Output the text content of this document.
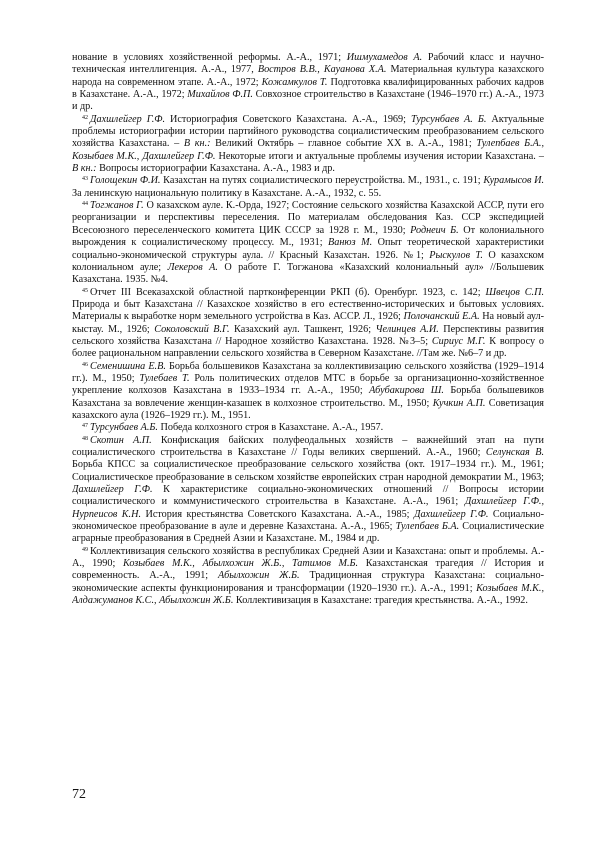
нование в условиях хозяйственной реформы. А.-А., 1971; Ишмухамедов А. Рабочий класс и научно-техническая интеллигенция. А.-А., 1977, Востров В.В., Кауанова Х.А. Материальная культура казахского народа на современном этапе. А.-А., 1972; Кожамкулов Т. Подготовка квалифицированных рабочих кадров в Казахстане. А.-А., 1972; Михайлов Ф.П. Совхозное строительство в Казахстане (1946–1970 гг.) А.-А., 1973 и др.

$^{42}$ Дахшлейгер Г.Ф. Историография Советского Казахстана. А.-А., 1969; Турсунбаев А. Б. Актуальные проблемы историографии истории партийного руководства социалистическим преобразованием сельского хозяйства Казахстана. – В кн.: Великий Октябрь – главное событие XX в. А.-А., 1981; Тулепбаев Б.А., Козыбаев М.К., Дахшлейгер Г.Ф. Некоторые итоги и актуальные проблемы изучения истории Казахстана. – В кн.: Вопросы историографии Казахстана. А.-А., 1983 и др.

$^{43}$ Голощекин Ф.И. Казахстан на путях социалистического переустройства. М., 1931., с. 191; Курамысов И. За ленинскую национальную политику в Казахстане. А.-А., 1932, с. 55.

$^{44}$ Тогжанов Г. О казахском ауле. К.-Орда, 1927; Состояние сельского хозяйства Казахской АССР, пути его реорганизации и перспективы переселения. По материалам обследования Каз. ССР экспедицией Всесоюзного переселенческого комитета ЦИК СССР за 1928 г. М., 1930; Роднеич Б. От колониального вырождения к социалистическому процессу. М., 1931; Ванюз М. Опыт теоретической характеристики социально-экономической структуры аула. // Красный Казахстан. 1926. №1; Рыскулов Т. О казахском колониальном ауле; Лекеров А. О работе Г. Тогжанова «Казахский колониальный аул» //Большевик Казахстана. 1935. №4.

$^{45}$ Отчет III Всеказахской областной партконференции РКП (б). Оренбург. 1923, с. 142; Швецов С.П. Природа и быт Казахстана // Казахское хозяйство в его естественно-исторических и бытовых условиях. Материалы к выработке норм земельного устройства в Каз. АССР. Л., 1926; Полочанский Е.А. На новый аул-кыстау. М., 1926; Соколовский В.Г. Казахский аул. Ташкент, 1926; Челинцев А.И. Перспективы развития сельского хозяйства Казахстана // Народное хозяйство Казахстана. 1928. №3–5; Сириус М.Г. К вопросу о более рациональном направлении сельского хозяйства в Северном Казахстане. //Там же. №6–7 и др.

$^{46}$ Семенишина Е.В. Борьба большевиков Казахстана за коллективизацию сельского хозяйства (1929–1914 гг.). М., 1950; Тулебаев Т. Роль политических отделов МТС в борьбе за организационно-хозяйственное укрепление колхозов Казахстана в 1933–1934 гг. А.-А., 1950; Абубакирова Ш. Борьба большевиков Казахстана за вовлечение женщин-казашек в колхозное строительство. М., 1950; Кучкин А.П. Советизация казахского аула (1926–1929 гг.). М., 1951.

$^{47}$ Турсунбаев А.Б. Победа колхозного строя в Казахстане. А.-А., 1957.

$^{48}$ Скотин А.П. Конфискация байских полуфеодальных хозяйств – важнейший этап на пути социалистического строительства в Казахстане // Годы великих свершений. А.-А., 1960; Селунская В. Борьба КПСС за социалистическое преобразование сельского хозяйства (окт. 1917–1934 гг.). М., 1961; Социалистическое преобразование в сельском хозяйстве европейских стран народной демократии М., 1963; Дахшлейгер Г.Ф. К характеристике социально-экономических отношений // Вопросы истории социалистического и коммунистического строительства в Казахстане. А.-А., 1961; Дахшлейгер Г.Ф., Нурпеисов К.Н. История крестьянства Советского Казахстана. А.-А., 1985; Дахшлейгер Г.Ф. Социально-экономическое преобразование в ауле и деревне Казахстана. А.-А., 1965; Тулепбаев Б.А. Социалистические аграрные преобразования в Средней Азии и Казахстане. М., 1984 и др.

$^{49}$ Коллективизация сельского хозяйства в республиках Средней Азии и Казахстана: опыт и проблемы. А.-А., 1990; Козыбаев М.К., Абылхожин Ж.Б., Татимов М.Б. Казахстанская трагедия // История и современность. А.-А., 1991; Абылхожин Ж.Б. Традиционная структура Казахстана: социально-экономические аспекты функционирования и трансформации (1920–1930 гг.). А.-А., 1991; Козыбаев М.К., Алдажуманов К.С., Абылхожин Ж.Б. Коллективизация в Казахстане: трагедия крестьянства. А.-А., 1992.

72
